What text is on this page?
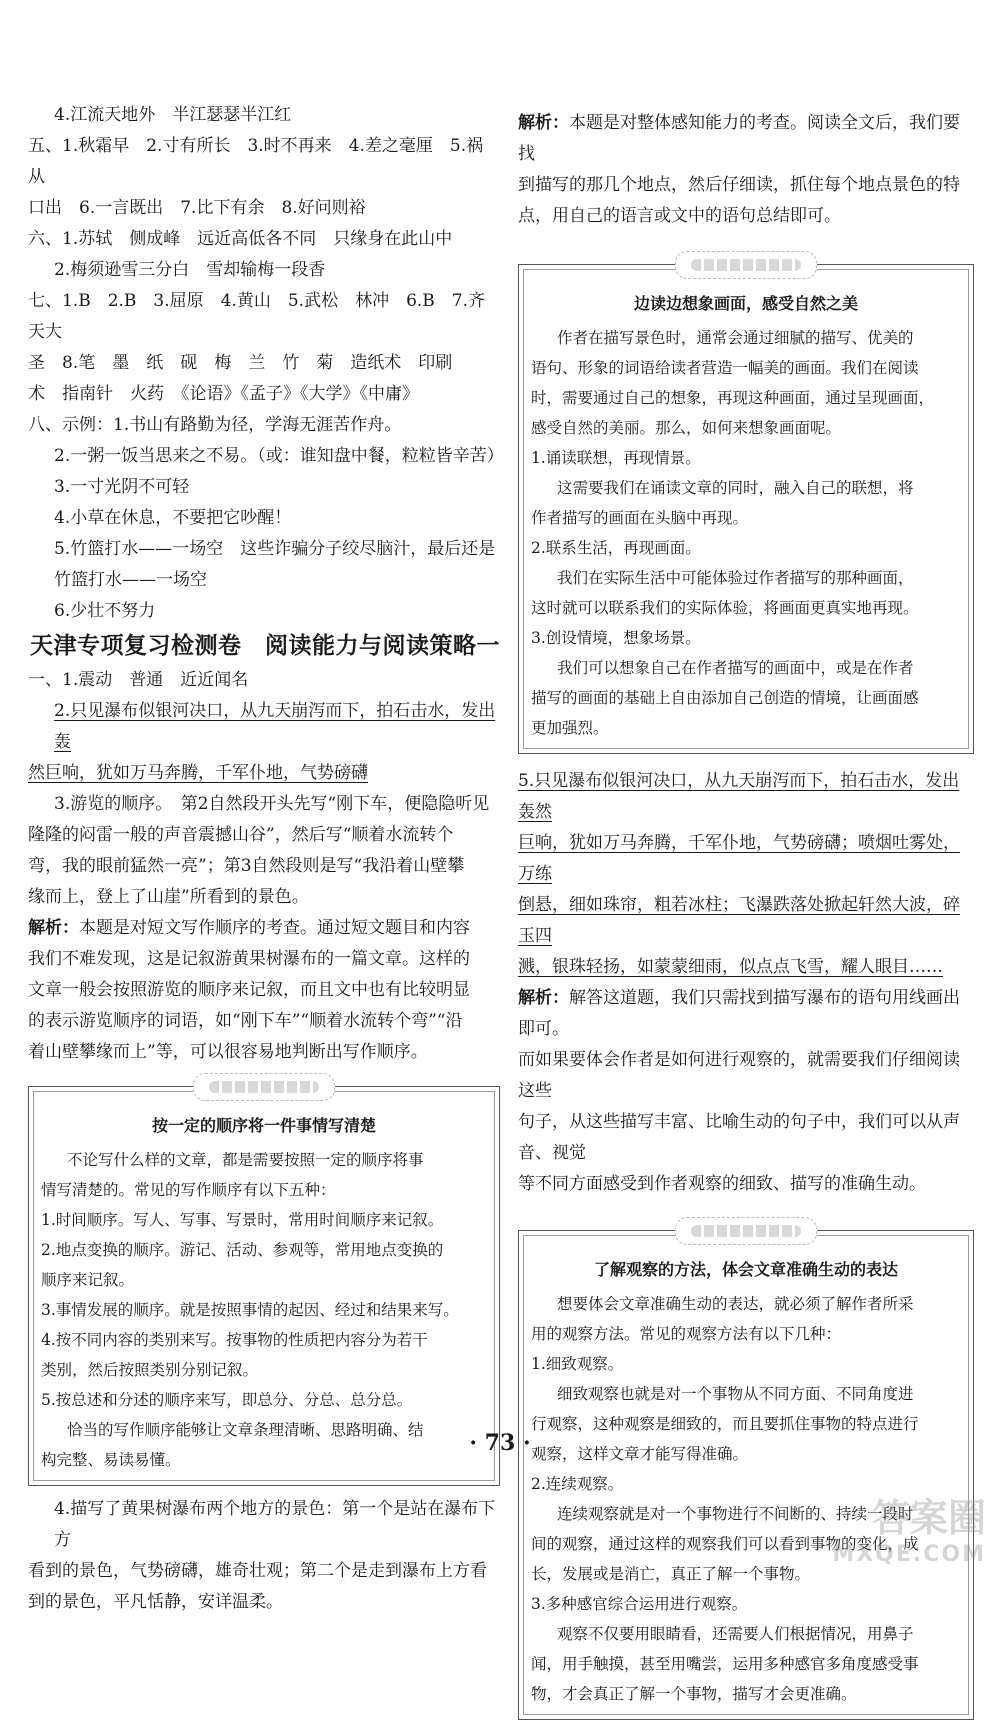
4.江流天地外　半江瑟瑟半江红

五、1.秋霜早　2.寸有所长　3.时不再来　4.差之毫厘　5.祸从

口出　6.一言既出　7.比下有余　8.好问则裕

六、1.苏轼　侧成峰　远近高低各不同　只缘身在此山中

2.梅须逊雪三分白　雪却输梅一段香

七、1.B　2.B　3.屈原　4.黄山　5.武松　林冲　6.B　7.齐天大

圣　8.笔　墨　纸　砚　梅　兰　竹　菊　造纸术　印刷

术　指南针　火药　《论语》《孟子》《大学》《中庸》

八、示例：1.书山有路勤为径，学海无涯苦作舟。

2.一粥一饭当思来之不易。（或：谁知盘中餐，粒粒皆辛苦）

3.一寸光阴不可轻

4.小草在休息，不要把它吵醒！

5.竹篮打水——一场空　这些诈骗分子绞尽脑汁，最后还是

竹篮打水——一场空

6.少壮不努力

天津专项复习检测卷　阅读能力与阅读策略一

一、1.震动　普通　近近闻名

2.只见瀑布似银河决口，从九天崩泻而下，拍石击水，发出轰

然巨响，犹如万马奔腾，千军仆地，气势磅礴

3.游览的顺序。　第2自然段开头先写“刚下车，便隐隐听见

隆隆的闷雷一般的声音震撼山谷”，然后写“顺着水流转个

弯，我的眼前猛然一亮”；第3自然段则是写“我沿着山壁攀

缘而上，登上了山崖”所看到的景色。

解析：本题是对短文写作顺序的考查。通过短文题目和内容

我们不难发现，这是记叙游黄果树瀑布的一篇文章。这样的

文章一般会按照游览的顺序来记叙，而且文中也有比较明显

的表示游览顺序的词语，如“刚下车”“顺着水流转个弯”“沿

着山壁攀缘而上”等，可以很容易地判断出写作顺序。

按一定的顺序将一件事情写清楚

不论写什么样的文章，都是需要按照一定的顺序将事

情写清楚的。常见的写作顺序有以下五种：

1.时间顺序。写人、写事、写景时，常用时间顺序来记叙。

2.地点变换的顺序。游记、活动、参观等，常用地点变换的

顺序来记叙。

3.事情发展的顺序。就是按照事情的起因、经过和结果来写。

4.按不同内容的类别来写。按事物的性质把内容分为若干

类别，然后按照类别分别记叙。

5.按总述和分述的顺序来写，即总分、分总、总分总。

恰当的写作顺序能够让文章条理清晰、思路明确、结

构完整、易读易懂。

4.描写了黄果树瀑布两个地方的景色：第一个是站在瀑布下方

看到的景色，气势磅礴，雄奇壮观；第二个是走到瀑布上方看

到的景色，平凡恬静，安详温柔。

解析：本题是对整体感知能力的考查。阅读全文后，我们要找

到描写的那几个地点，然后仔细读，抓住每个地点景色的特

点，用自己的语言或文中的语句总结即可。

边读边想象画面，感受自然之美

作者在描写景色时，通常会通过细腻的描写、优美的

语句、形象的词语给读者营造一幅美的画面。我们在阅读

时，需要通过自己的想象，再现这种画面，通过呈现画面，

感受自然的美丽。那么，如何来想象画面呢。

1.诵读联想，再现情景。

这需要我们在诵读文章的同时，融入自己的联想，将

作者描写的画面在头脑中再现。

2.联系生活，再现画面。

我们在实际生活中可能体验过作者描写的那种画面，

这时就可以联系我们的实际体验，将画面更真实地再现。

3.创设情境，想象场景。

我们可以想象自己在作者描写的画面中，或是在作者

描写的画面的基础上自由添加自己创造的情境，让画面感

更加强烈。

5.只见瀑布似银河决口，从九天崩泻而下，拍石击水，发出轰然

巨响，犹如万马奔腾，千军仆地，气势磅礴；喷烟吐雾处，万练

倒悬，细如珠帘，粗若冰柱；飞瀑跌落处掀起轩然大波，碎玉四

溅，银珠轻扬，如蒙蒙细雨，似点点飞雪，耀人眼目……

解析：解答这道题，我们只需找到描写瀑布的语句用线画出即可。

而如果要体会作者是如何进行观察的，就需要我们仔细阅读这些

句子，从这些描写丰富、比喻生动的句子中，我们可以从声音、视觉

等不同方面感受到作者观察的细致、描写的准确生动。

了解观察的方法，体会文章准确生动的表达

想要体会文章准确生动的表达，就必须了解作者所采

用的观察方法。常见的观察方法有以下几种：

1.细致观察。

细致观察也就是对一个事物从不同方面、不同角度进

行观察，这种观察是细致的，而且要抓住事物的特点进行

观察，这样文章才能写得准确。

2.连续观察。

连续观察就是对一个事物进行不间断的、持续一段时

间的观察，通过这样的观察我们可以看到事物的变化，成

长，发展或是消亡，真正了解一个事物。

3.多种感官综合运用进行观察。

观察不仅要用眼睛看，还需要人们根据情况，用鼻子

闻，用手触摸，甚至用嘴尝，运用多种感官多角度感受事

物，才会真正了解一个事物，描写才会更准确。

· 73 ·
答案圈
MXQE.COM
